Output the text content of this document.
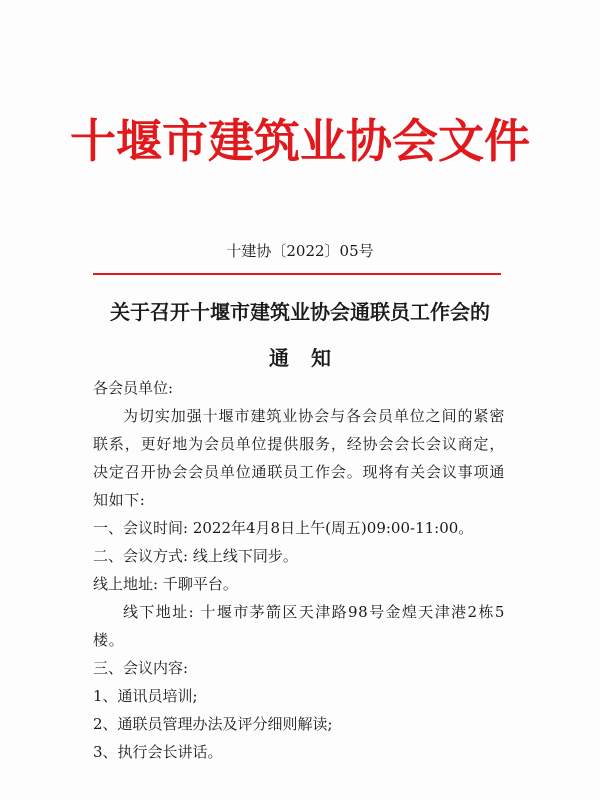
十堰市建筑业协会文件
十建协〔2022〕05号
关于召开十堰市建筑业协会通联员工作会的
通知

各会员单位:

为切实加强十堰市建筑业协会与各会员单位之间的紧密联系，更好地为会员单位提供服务，经协会会长会议商定，决定召开协会会员单位通联员工作会。现将有关会议事项通知如下:

一、会议时间: 2022年4月8日上午(周五)09:00-11:00。

二、会议方式: 线上线下同步。

线上地址: 千聊平台。

线下地址: 十堰市茅箭区天津路98号金煌天津港2栋5楼。

三、会议内容:

1、通讯员培训;

2、通联员管理办法及评分细则解读;

3、执行会长讲话。
